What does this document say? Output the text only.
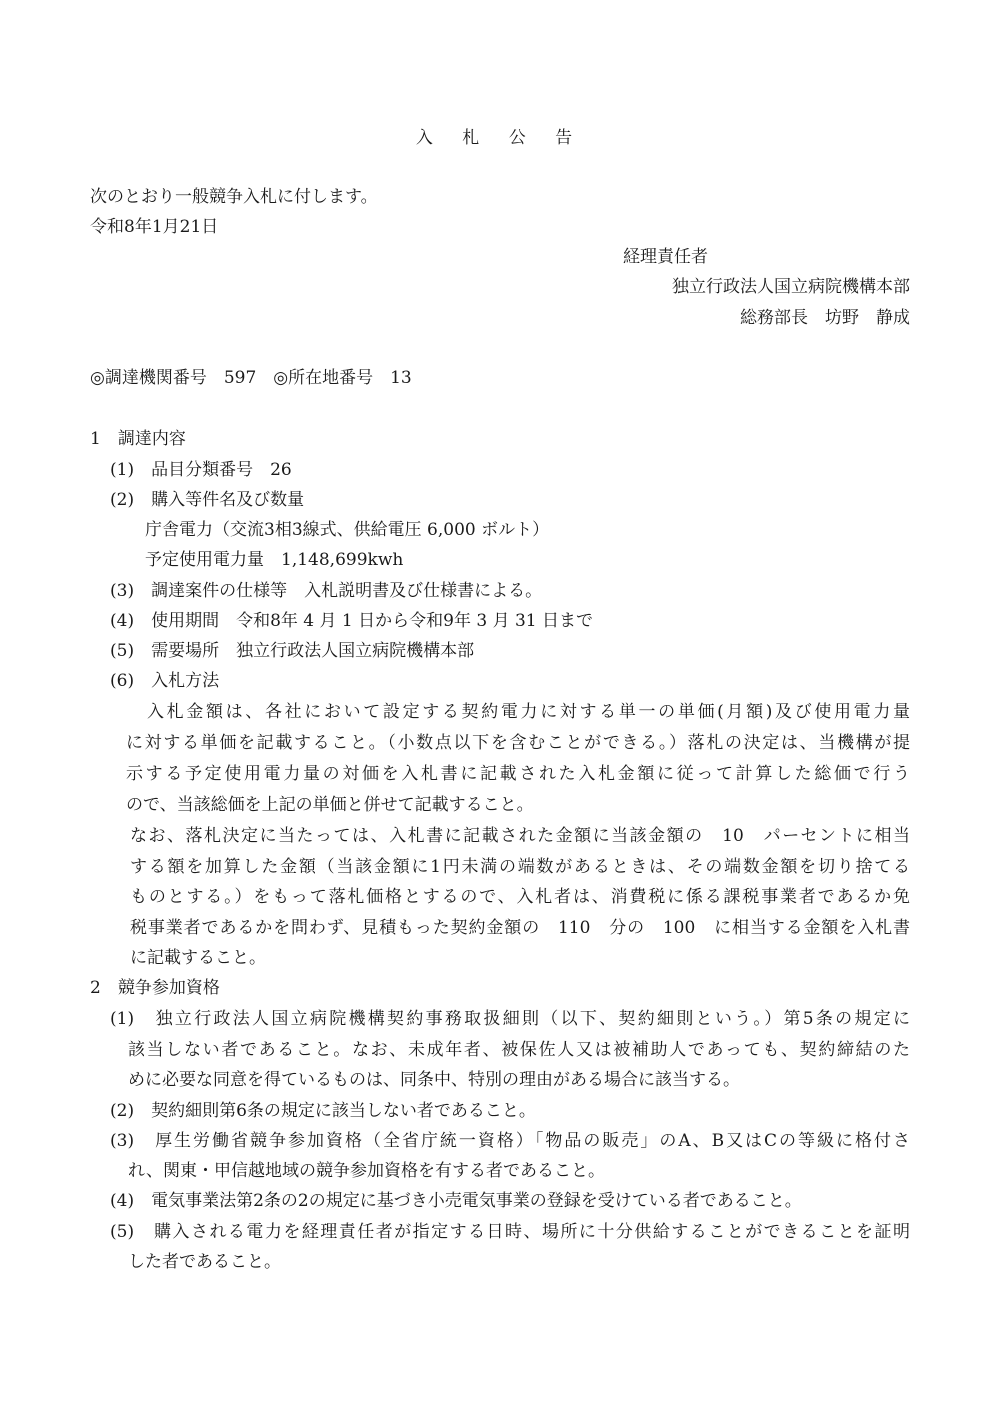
入 札 公 告
次のとおり一般競争入札に付します。
令和8年1月21日
経理責任者
独立行政法人国立病院機構本部
総務部長　坊野　静成
◎調達機関番号　597　◎所在地番号　13
1　調達内容
(1)　品目分類番号　26
(2)　購入等件名及び数量
庁舎電力（交流3相3線式、供給電圧 6,000 ボルト）
予定使用電力量　1,148,699kwh
(3)　調達案件の仕様等　入札説明書及び仕様書による。
(4)　使用期間　令和8年 4 月 1 日から令和9年 3 月 31 日まで
(5)　需要場所　独立行政法人国立病院機構本部
(6)　入札方法
入札金額は、各社において設定する契約電力に対する単一の単価(月額)及び使用電力量
に対する単価を記載すること。（小数点以下を含むことができる。）落札の決定は、当機構が提
示する予定使用電力量の対価を入札書に記載された入札金額に従って計算した総価で行う
ので、当該総価を上記の単価と併せて記載すること。
なお、落札決定に当たっては、入札書に記載された金額に当該金額の　10　パーセントに相当
する額を加算した金額（当該金額に1円未満の端数があるときは、その端数金額を切り捨てる
ものとする。）をもって落札価格とするので、入札者は、消費税に係る課税事業者であるか免
税事業者であるかを問わず、見積もった契約金額の　110　分の　100　に相当する金額を入札書
に記載すること。
2　競争参加資格
(1)　独立行政法人国立病院機構契約事務取扱細則（以下、契約細則という。）第5条の規定に
該当しない者であること。なお、未成年者、被保佐人又は被補助人であっても、契約締結のた
めに必要な同意を得ているものは、同条中、特別の理由がある場合に該当する。
(2)　契約細則第6条の規定に該当しない者であること。
(3)　厚生労働省競争参加資格（全省庁統一資格）「物品の販売」のA、B又はCの等級に格付さ
れ、関東・甲信越地域の競争参加資格を有する者であること。
(4)　電気事業法第2条の2の規定に基づき小売電気事業の登録を受けている者であること。
(5)　購入される電力を経理責任者が指定する日時、場所に十分供給することができることを証明
した者であること。
